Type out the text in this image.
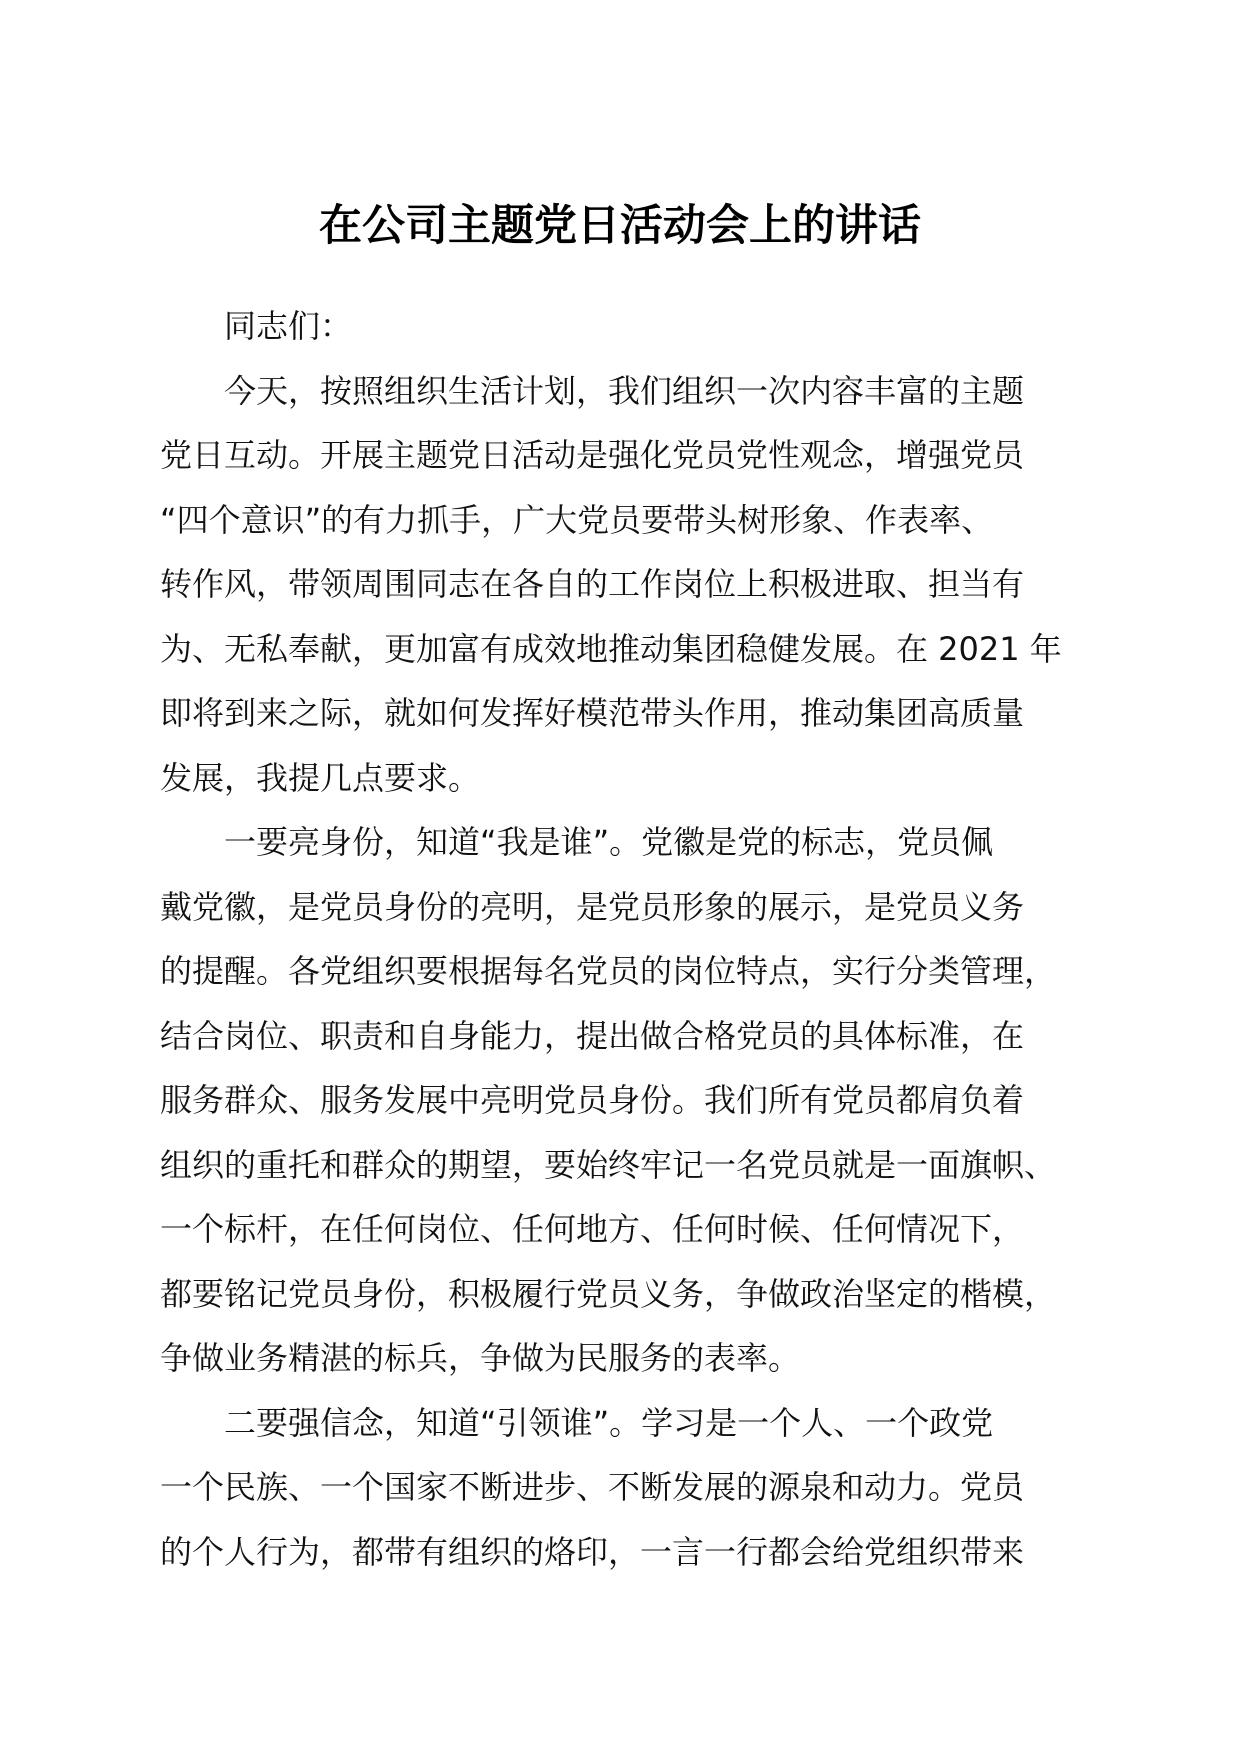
在公司主题党日活动会上的讲话
同志们：
今天，按照组织生活计划，我们组织一次内容丰富的主题
党日互动。开展主题党日活动是强化党员党性观念，增强党员
“四个意识”的有力抓手，广大党员要带头树形象、作表率、
转作风，带领周围同志在各自的工作岗位上积极进取、担当有
为、无私奉献，更加富有成效地推动集团稳健发展。在 2021 年
即将到来之际，就如何发挥好模范带头作用，推动集团高质量
发展，我提几点要求。
一要亮身份，知道“我是谁”。党徽是党的标志，党员佩
戴党徽，是党员身份的亮明，是党员形象的展示，是党员义务
的提醒。各党组织要根据每名党员的岗位特点，实行分类管理，
结合岗位、职责和自身能力，提出做合格党员的具体标准，在
服务群众、服务发展中亮明党员身份。我们所有党员都肩负着
组织的重托和群众的期望，要始终牢记一名党员就是一面旗帜、
一个标杆，在任何岗位、任何地方、任何时候、任何情况下，
都要铭记党员身份，积极履行党员义务，争做政治坚定的楷模，
争做业务精湛的标兵，争做为民服务的表率。
二要强信念，知道“引领谁”。学习是一个人、一个政党
一个民族、一个国家不断进步、不断发展的源泉和动力。党员
的个人行为，都带有组织的烙印，一言一行都会给党组织带来
